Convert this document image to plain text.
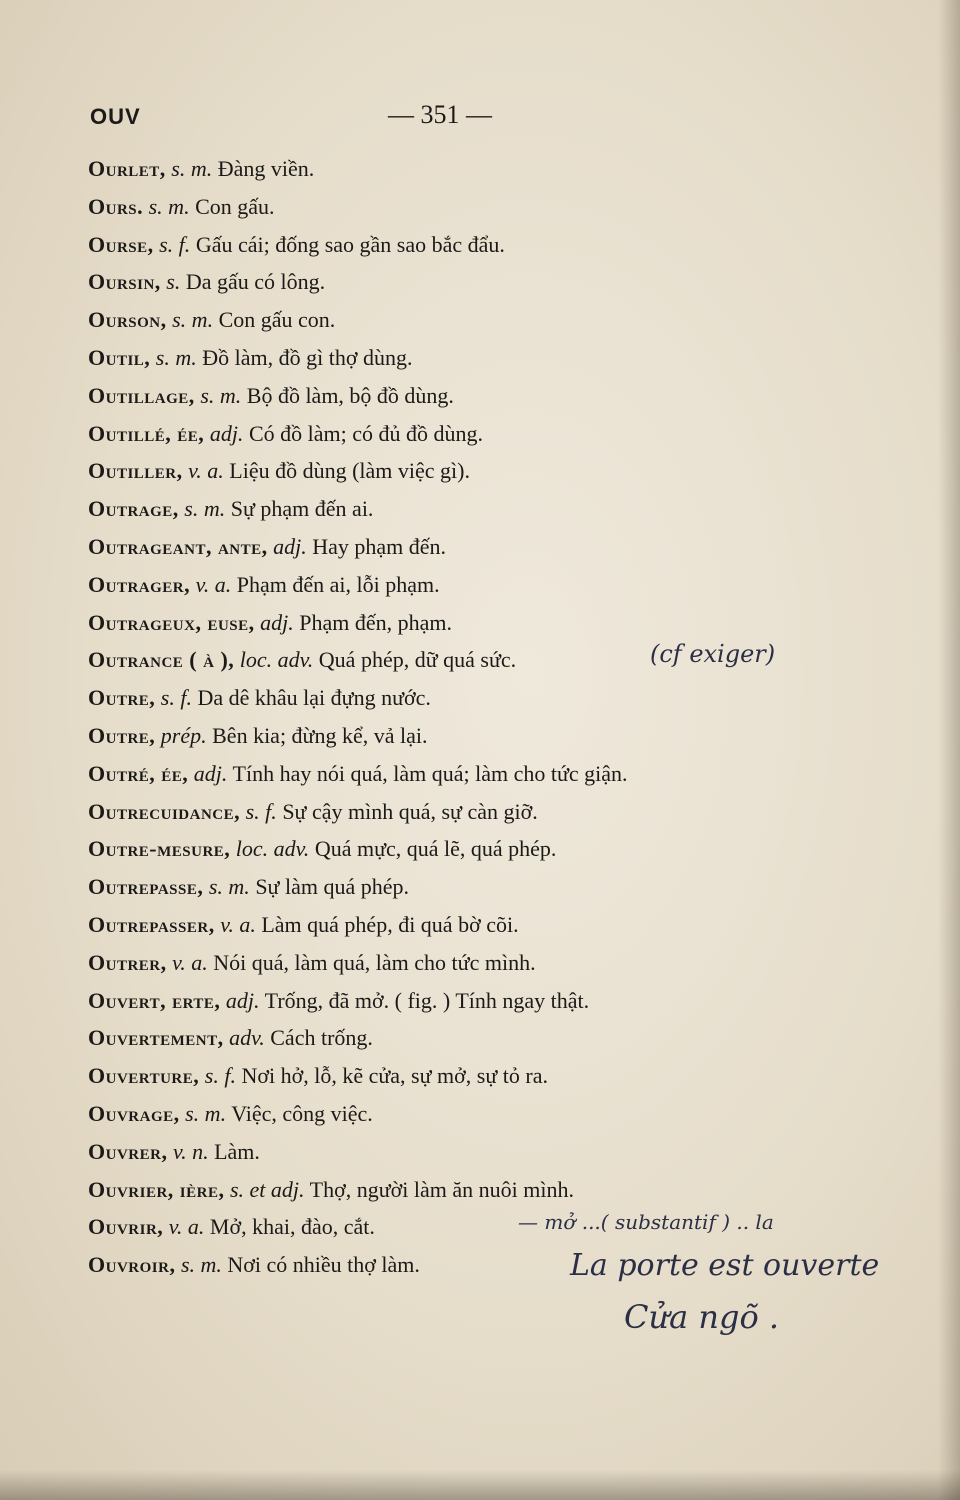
OUV	— 351 —
Ourlet, s. m. Đàng viền.
Ours. s. m. Con gấu.
Ourse, s. f. Gấu cái; đống sao gần sao bắc đẩu.
Oursin, s. Da gấu có lông.
Ourson, s. m. Con gấu con.
Outil, s. m. Đồ làm, đồ gì thợ dùng.
Outillage, s. m. Bộ đồ làm, bộ đồ dùng.
Outillé, ée, adj. Có đồ làm; có đủ đồ dùng.
Outiller, v. a. Liệu đồ dùng (làm việc gì).
Outrage, s. m. Sự phạm đến ai.
Outrageant, ante, adj. Hay phạm đến.
Outrager, v. a. Phạm đến ai, lỗi phạm.
Outrageux, euse, adj. Phạm đến, phạm.
Outrance ( à ), loc. adv. Quá phép, dữ quá sức.
Outre, s. f. Da dê khâu lại đựng nước.
Outre, prép. Bên kia; đừng kể, vả lại.
Outré, ée, adj. Tính hay nói quá, làm quá; làm cho tức giận.
Outrecuidance, s. f. Sự cậy mình quá, sự càn giỡ.
Outre-mesure, loc. adv. Quá mực, quá lẽ, quá phép.
Outrepasse, s. m. Sự làm quá phép.
Outrepasser, v. a. Làm quá phép, đi quá bờ cõi.
Outrer, v. a. Nói quá, làm quá, làm cho tức mình.
Ouvert, erte, adj. Trống, đã mở. ( fig. ) Tính ngay thật.
Ouvertement, adv. Cách trống.
Ouverture, s. f. Nơi hở, lỗ, kẽ cửa, sự mở, sự tỏ ra.
Ouvrage, s. m. Việc, công việc.
Ouvrer, v. n. Làm.
Ouvrier, ière, s. et adj. Thợ, người làm ăn nuôi mình.
Ouvrir, v. a. Mở, khai, đào, cắt.
Ouvroir, s. m. Nơi có nhiều thợ làm.
(cf exiger)
— mở ...( substantif ) .. la
La porte est ouverte
Cửa ngõ .
